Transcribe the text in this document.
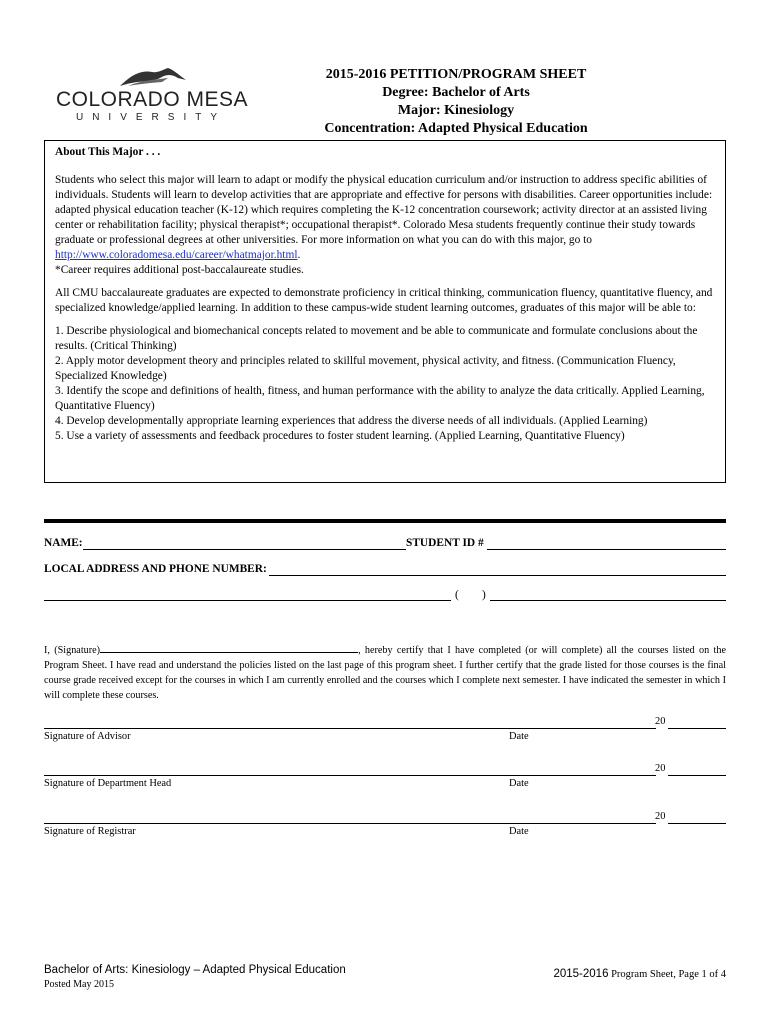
COLORADO MESA
UNIVERSITY
2015-2016 PETITION/PROGRAM SHEET
Degree: Bachelor of Arts
Major: Kinesiology
Concentration: Adapted Physical Education
About This Major . . .

Students who select this major will learn to adapt or modify the physical education curriculum and/or instruction to address specific abilities of individuals. Students will learn to develop activities that are appropriate and effective for persons with disabilities. Career opportunities include: adapted physical education teacher (K-12) which requires completing the K-12 concentration coursework; activity director at an assisted living center or rehabilitation facility; physical therapist*; occupational therapist*. Colorado Mesa students frequently continue their study towards graduate or professional degrees at other universities. For more information on what you can do with this major, go to http://www.coloradomesa.edu/career/whatmajor.html.
*Career requires additional post-baccalaureate studies.

All CMU baccalaureate graduates are expected to demonstrate proficiency in critical thinking, communication fluency, quantitative fluency, and specialized knowledge/applied learning. In addition to these campus-wide student learning outcomes, graduates of this major will be able to:

1. Describe physiological and biomechanical concepts related to movement and be able to communicate and formulate conclusions about the results. (Critical Thinking)
2. Apply motor development theory and principles related to skillful movement, physical activity, and fitness. (Communication Fluency, Specialized Knowledge)
3. Identify the scope and definitions of health, fitness, and human performance with the ability to analyze the data critically. Applied Learning, Quantitative Fluency)
4. Develop developmentally appropriate learning experiences that address the diverse needs of all individuals. (Applied Learning)
5. Use a variety of assessments and feedback procedures to foster student learning. (Applied Learning, Quantitative Fluency)
NAME:	STUDENT ID #
LOCAL ADDRESS AND PHONE NUMBER:
( )
I, (Signature)	, hereby certify that I have completed (or will complete) all the courses listed on the Program Sheet. I have read and understand the policies listed on the last page of this program sheet. I further certify that the grade listed for those courses is the final course grade received except for the courses in which I am currently enrolled and the courses which I complete next semester. I have indicated the semester in which I will complete these courses.
20
Signature of Advisor	Date
20
Signature of Department Head	Date
20
Signature of Registrar	Date
Bachelor of Arts: Kinesiology – Adapted Physical Education
Posted May 2015
2015-2016 Program Sheet, Page 1 of 4
